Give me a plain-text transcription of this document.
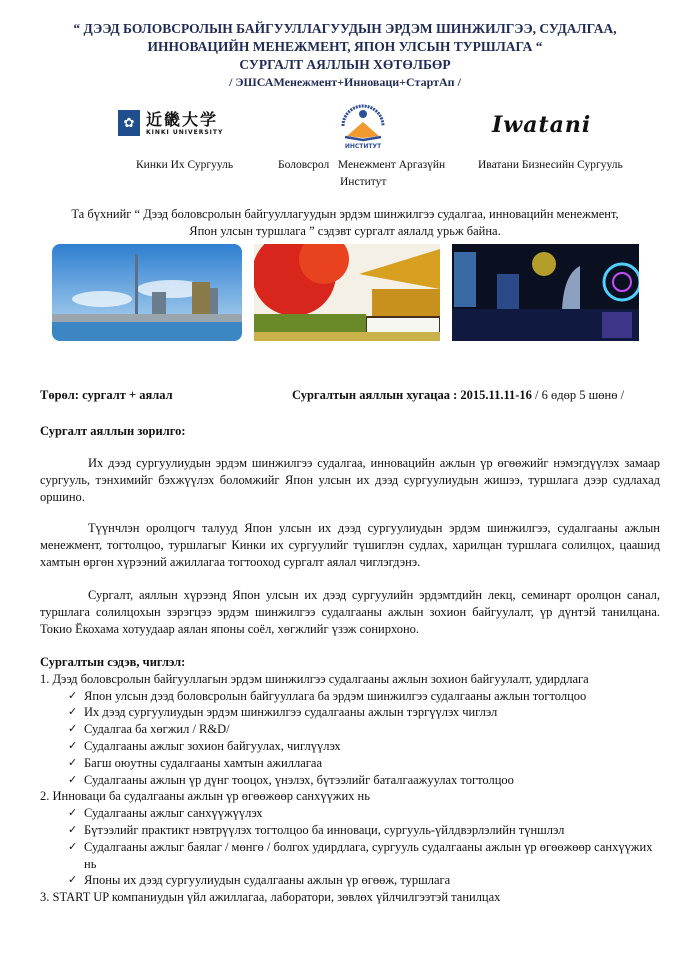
“ ДЭЭД БОЛОВСРОЛЫН БАЙГУУЛЛАГУУДЫН ЭРДЭМ ШИНЖИЛГЭЭ, СУДАЛГАА,
ИННОВАЦИЙН МЕНЕЖМЕНТ, ЯПОН УЛСЫН ТУРШЛАГА “
СУРГАЛТ АЯЛЛЫН ХӨТӨЛБӨР
/ ЭШСАМенежмент+Инноваци+СтартАп /
✿ 近畿大学
KINKI UNIVERSITY
ИНСТИТУТ
Iwatani
Кинки Их Сургууль	Боловсрол   Менежмент Аргазүйн
Институт
Иватани Бизнесийн Сургууль
Та бүхнийг “ Дээд боловсролын байгууллагуудын эрдэм шинжилгээ судалгаа, инновацийн менежмент,
Япон улсын туршлага ” сэдэвт сургалт аялалд урьж байна.
Төрөл: сургалт + аялал	Сургалтын аяллын хугацаа : 2015.11.11-16 / 6 өдөр 5 шөнө /
Сургалт аяллын зорилго:
Их дээд сургуулиудын эрдэм шинжилгээ судалгаа, инновацийн ажлын үр өгөөжийг нэмэгдүүлэх замаар сургууль, тэнхимийг бэхжүүлэх боломжийг Япон улсын их дээд сургуулиудын жишээ, туршлага дээр судлахад оршино.
Түүнчлэн оролцогч талууд Япон улсын их дээд сургуулиудын эрдэм шинжилгээ, судалгааны ажлын менежмент, тогтолцоо, туршлагыг Кинки их сургуулийг түшиглэн судлах, харилцан туршлага солилцох, цаашид хамтын өргөн хүрээний ажиллагаа тогтооход сургалт аялал чиглэгдэнэ.
Сургалт, аяллын хүрээнд Япон улсын их дээд сургуулийн эрдэмтдийн лекц, семинарт оролцон санал, туршлага солилцохын зэрэгцээ эрдэм шинжилгээ судалгааны ажлын зохион байгуулалт, үр дүнтэй танилцана. Токио Ёкохама хотуудаар аялан японы соёл, хөгжлийг үзэж сонирхоно.
Сургалтын сэдэв, чиглэл:
1. Дээд боловсролын байгууллагын эрдэм шинжилгээ судалгааны ажлын зохион байгуулалт, удирдлага
✓ Япон улсын дээд боловсролын байгууллага ба эрдэм шинжилгээ судалгааны ажлын тогтолцоо
✓ Их дээд сургуулиудын эрдэм шинжилгээ судалгааны ажлын тэргүүлэх чиглэл
✓ Судалгаа ба хөгжил / R&D/
✓ Судалгааны ажлыг зохион байгуулах, чиглүүлэх
✓ Багш оюутны судалгааны хамтын ажиллагаа
✓ Судалгааны ажлын үр дүнг тооцох, үнэлэх, бүтээлийг баталгаажуулах тогтолцоо
2. Инноваци ба судалгааны ажлын үр өгөөжөөр санхүүжих нь
✓ Судалгааны ажлыг санхүүжүүлэх
✓ Бүтээлийг практикт нэвтрүүлэх тогтолцоо ба инноваци, сургууль-үйлдвэрлэлийн түншлэл
✓ Судалгааны ажлыг баялаг / мөнгө / болгох удирдлага, сургууль судалгааны ажлын үр өгөөжөөр санхүүжих нь
✓ Японы их дээд сургуулиудын судалгааны ажлын үр өгөөж, туршлага
3. START UP компаниудын үйл ажиллагаа, лаборатори, зөвлөх үйлчилгээтэй танилцах
